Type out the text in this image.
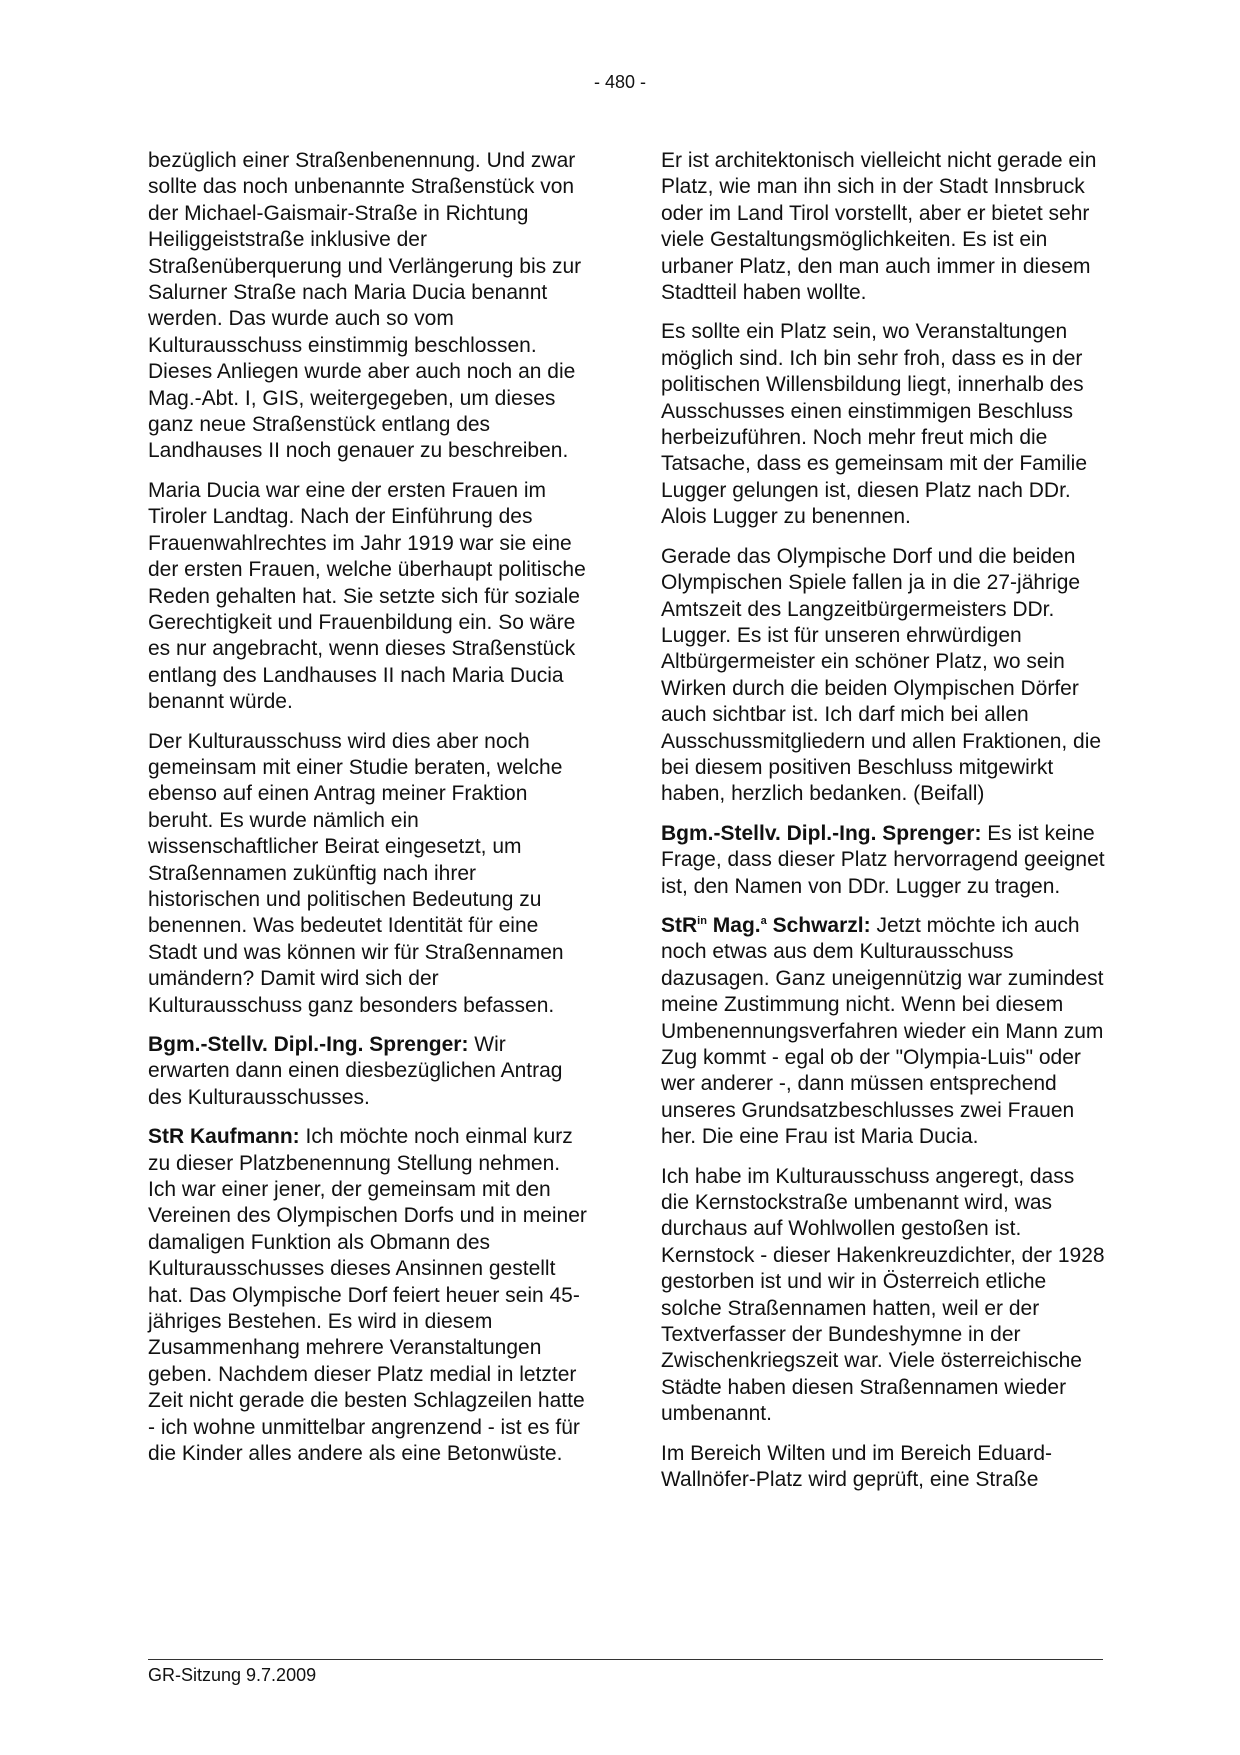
- 480 -

bezüglich einer Straßenbenennung. Und zwar sollte das noch unbenannte Straßenstück von der Michael-Gaismair-Straße in Richtung Heiliggeiststraße inklusive der Straßenüberquerung und Verlängerung bis zur Salurner Straße nach Maria Ducia benannt werden. Das wurde auch so vom Kulturausschuss einstimmig beschlossen. Dieses Anliegen wurde aber auch noch an die Mag.-Abt. I, GIS, weitergegeben, um dieses ganz neue Straßenstück entlang des Landhauses II noch genauer zu beschreiben.

Maria Ducia war eine der ersten Frauen im Tiroler Landtag. Nach der Einführung des Frauenwahlrechtes im Jahr 1919 war sie eine der ersten Frauen, welche überhaupt politische Reden gehalten hat. Sie setzte sich für soziale Gerechtigkeit und Frauenbildung ein. So wäre es nur angebracht, wenn dieses Straßenstück entlang des Landhauses II nach Maria Ducia benannt würde.

Der Kulturausschuss wird dies aber noch gemeinsam mit einer Studie beraten, welche ebenso auf einen Antrag meiner Fraktion beruht. Es wurde nämlich ein wissenschaftlicher Beirat eingesetzt, um Straßennamen zukünftig nach ihrer historischen und politischen Bedeutung zu benennen. Was bedeutet Identität für eine Stadt und was können wir für Straßennamen umändern? Damit wird sich der Kulturausschuss ganz besonders befassen.

Bgm.-Stellv. Dipl.-Ing. Sprenger: Wir erwarten dann einen diesbezüglichen Antrag des Kulturausschusses.

StR Kaufmann: Ich möchte noch einmal kurz zu dieser Platzbenennung Stellung nehmen. Ich war einer jener, der gemeinsam mit den Vereinen des Olympischen Dorfs und in meiner damaligen Funktion als Obmann des Kulturausschusses dieses Ansinnen gestellt hat. Das Olympische Dorf feiert heuer sein 45-jähriges Bestehen. Es wird in diesem Zusammenhang mehrere Veranstaltungen geben. Nachdem dieser Platz medial in letzter Zeit nicht gerade die besten Schlagzeilen hatte - ich wohne unmittelbar angrenzend - ist es für die Kinder alles andere als eine Betonwüste.

Er ist architektonisch vielleicht nicht gerade ein Platz, wie man ihn sich in der Stadt Innsbruck oder im Land Tirol vorstellt, aber er bietet sehr viele Gestaltungsmöglichkeiten. Es ist ein urbaner Platz, den man auch immer in diesem Stadtteil haben wollte.

Es sollte ein Platz sein, wo Veranstaltungen möglich sind. Ich bin sehr froh, dass es in der politischen Willensbildung liegt, innerhalb des Ausschusses einen einstimmigen Beschluss herbeizuführen. Noch mehr freut mich die Tatsache, dass es gemeinsam mit der Familie Lugger gelungen ist, diesen Platz nach DDr. Alois Lugger zu benennen.

Gerade das Olympische Dorf und die beiden Olympischen Spiele fallen ja in die 27-jährige Amtszeit des Langzeitbürgermeisters DDr. Lugger. Es ist für unseren ehrwürdigen Altbürgermeister ein schöner Platz, wo sein Wirken durch die beiden Olympischen Dörfer auch sichtbar ist. Ich darf mich bei allen Ausschussmitgliedern und allen Fraktionen, die bei diesem positiven Beschluss mitgewirkt haben, herzlich bedanken. (Beifall)

Bgm.-Stellv. Dipl.-Ing. Sprenger: Es ist keine Frage, dass dieser Platz hervorragend geeignet ist, den Namen von DDr. Lugger zu tragen.

StR$^{in}$ Mag.$^a$ Schwarzl: Jetzt möchte ich auch noch etwas aus dem Kulturausschuss dazusagen. Ganz uneigennützig war zumindest meine Zustimmung nicht. Wenn bei diesem Umbenennungsverfahren wieder ein Mann zum Zug kommt - egal ob der "Olympia-Luis" oder wer anderer -, dann müssen entsprechend unseres Grundsatzbeschlusses zwei Frauen her. Die eine Frau ist Maria Ducia.

Ich habe im Kulturausschuss angeregt, dass die Kernstockstraße umbenannt wird, was durchaus auf Wohlwollen gestoßen ist. Kernstock - dieser Hakenkreuzdichter, der 1928 gestorben ist und wir in Österreich etliche solche Straßennamen hatten, weil er der Textverfasser der Bundeshymne in der Zwischenkriegszeit war. Viele österreichische Städte haben diesen Straßennamen wieder umbenannt.

Im Bereich Wilten und im Bereich Eduard-Wallnöfer-Platz wird geprüft, eine Straße

GR-Sitzung 9.7.2009
